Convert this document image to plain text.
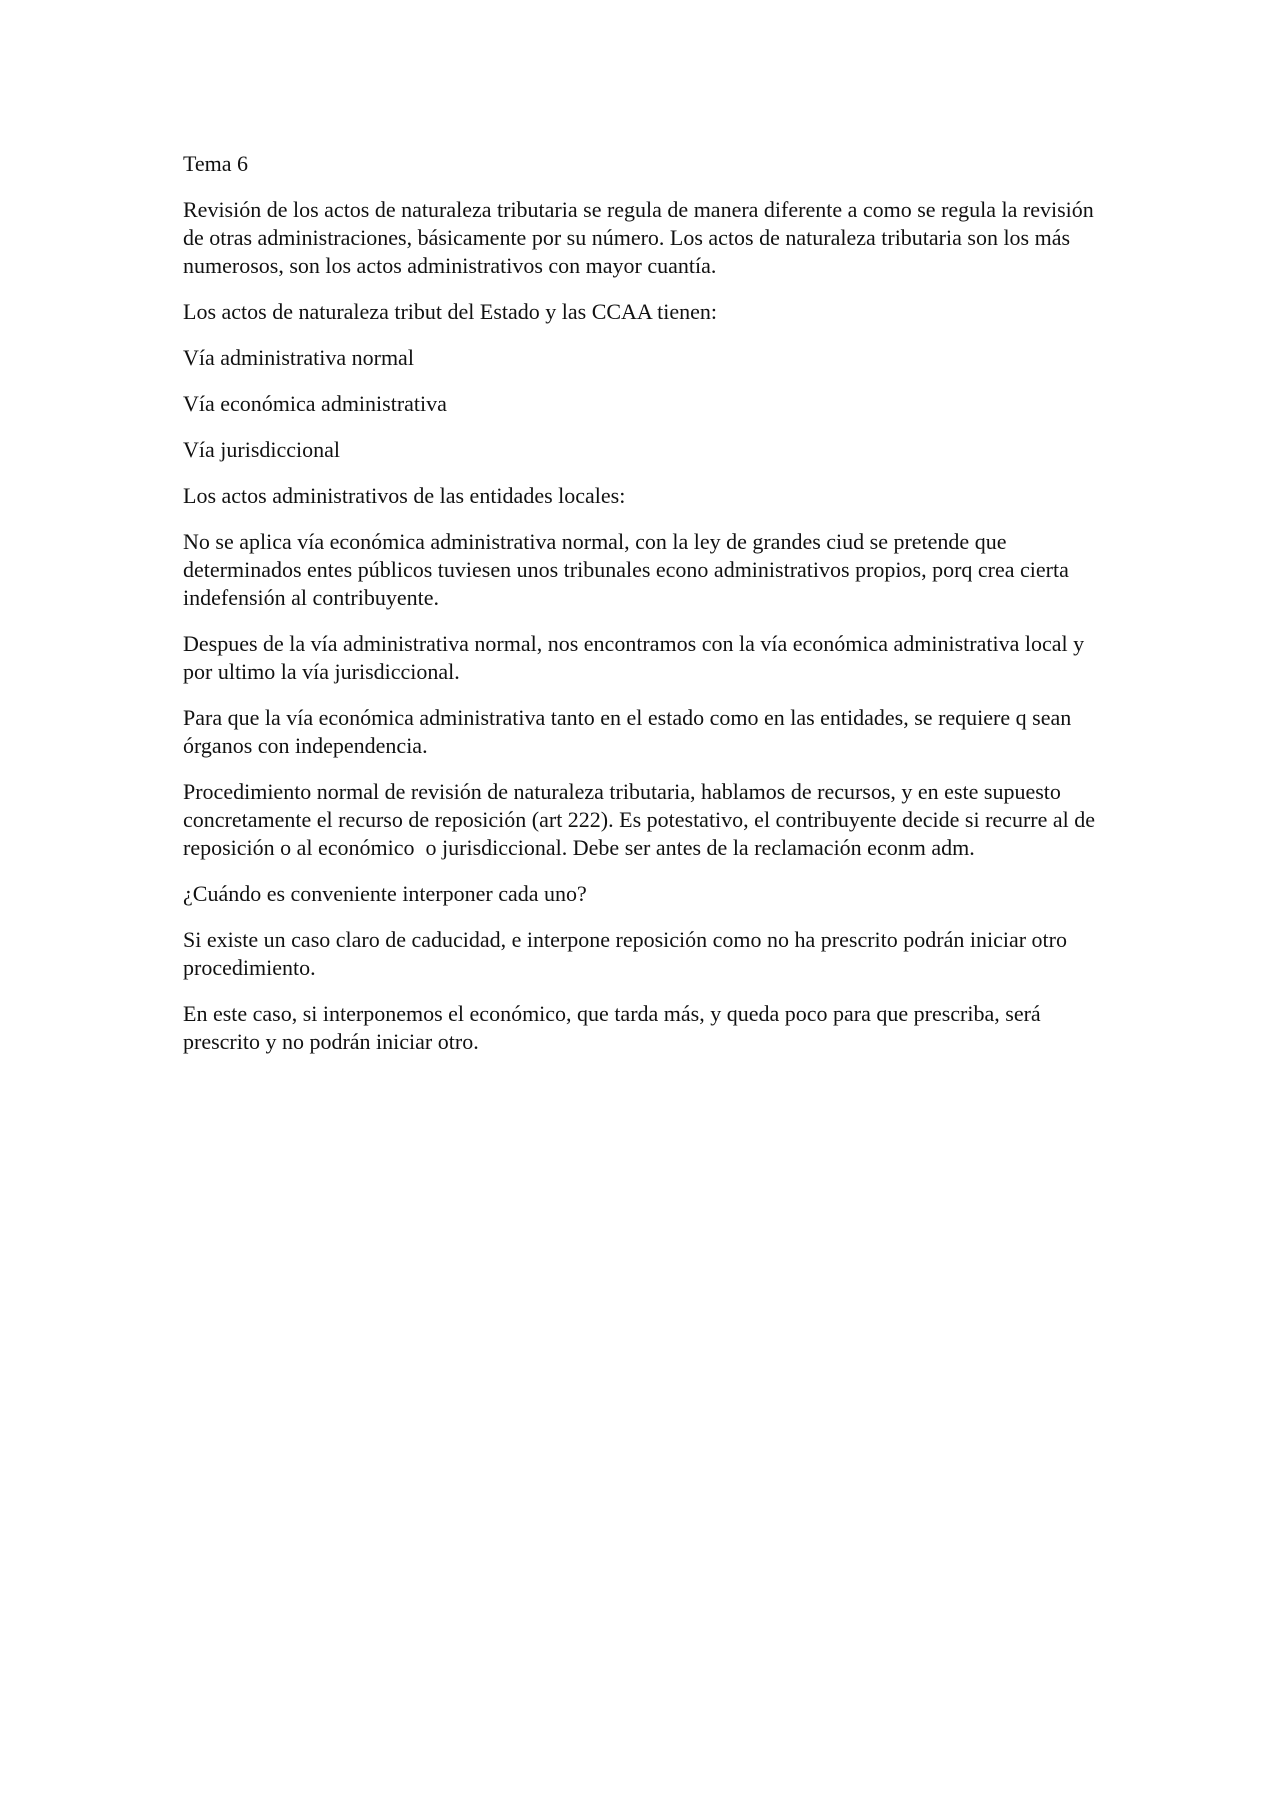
Tema 6

Revisión de los actos de naturaleza tributaria se regula de manera diferente a como se regula la revisión de otras administraciones, básicamente por su número. Los actos de naturaleza tributaria son los más numerosos, son los actos administrativos con mayor cuantía.

Los actos de naturaleza tribut del Estado y las CCAA tienen:

Vía administrativa normal

Vía económica administrativa

Vía jurisdiccional

Los actos administrativos de las entidades locales:

No se aplica vía económica administrativa normal, con la ley de grandes ciud se pretende que determinados entes públicos tuviesen unos tribunales econo administrativos propios, porq crea cierta indefensión al contribuyente.

Despues de la vía administrativa normal, nos encontramos con la vía económica administrativa local y por ultimo la vía jurisdiccional.

Para que la vía económica administrativa tanto en el estado como en las entidades, se requiere q sean órganos con independencia.

Procedimiento normal de revisión de naturaleza tributaria, hablamos de recursos, y en este supuesto concretamente el recurso de reposición (art 222). Es potestativo, el contribuyente decide si recurre al de reposición o al económico  o jurisdiccional. Debe ser antes de la reclamación econm adm.

¿Cuándo es conveniente interponer cada uno?

Si existe un caso claro de caducidad, e interpone reposición como no ha prescrito podrán iniciar otro procedimiento.

En este caso, si interponemos el económico, que tarda más, y queda poco para que prescriba, será prescrito y no podrán iniciar otro.
